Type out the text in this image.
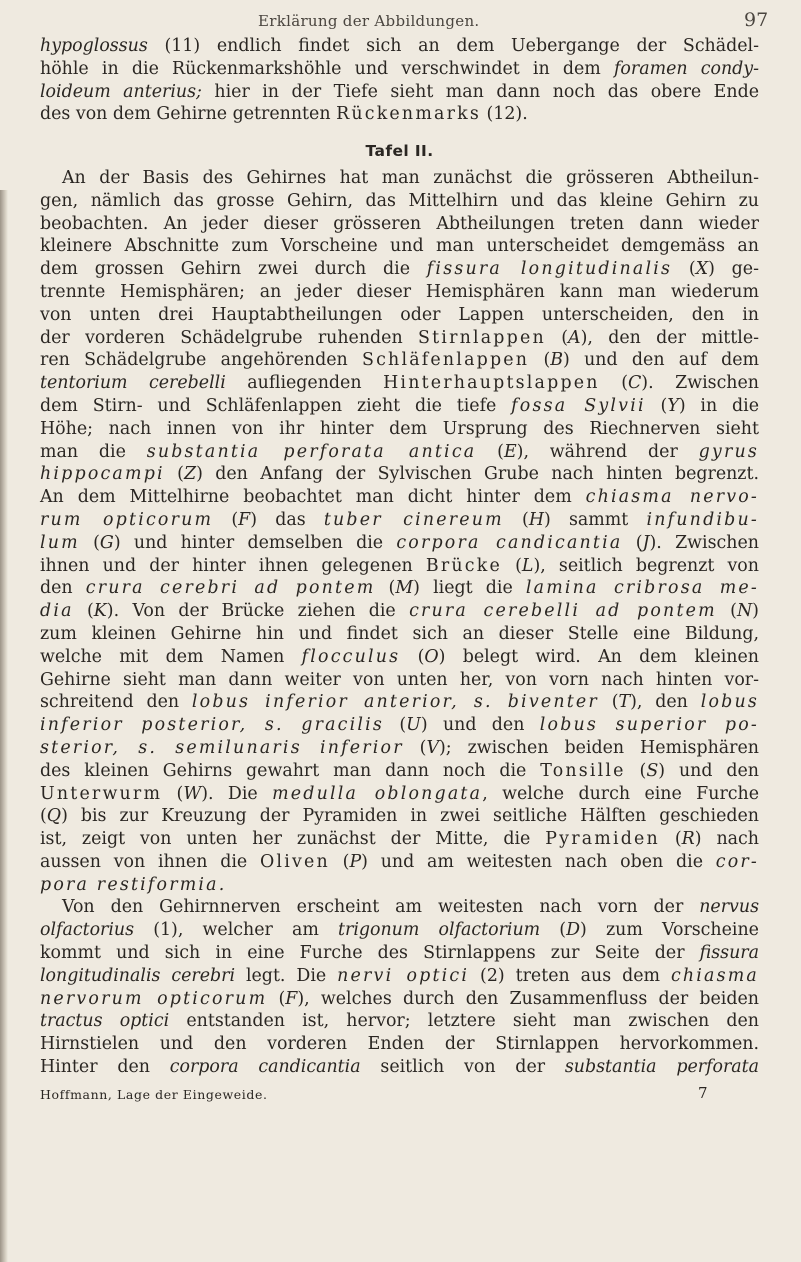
Erklärung der Abbildungen.	97
hypoglossus (11) endlich findet sich an dem Uebergange der Schädel-
höhle in die Rückenmarkshöhle und verschwindet in dem foramen condy-
loideum anterius; hier in der Tiefe sieht man dann noch das obere Ende
des von dem Gehirne getrennten Rückenmarks (12).
Tafel II.
An der Basis des Gehirnes hat man zunächst die grösseren Abtheilun-
gen, nämlich das grosse Gehirn, das Mittelhirn und das kleine Gehirn zu
beobachten. An jeder dieser grösseren Abtheilungen treten dann wieder
kleinere Abschnitte zum Vorscheine und man unterscheidet demgemäss an
dem grossen Gehirn zwei durch die fissura longitudinalis (X) ge-
trennte Hemisphären; an jeder dieser Hemisphären kann man wiederum
von unten drei Hauptabtheilungen oder Lappen unterscheiden, den in
der vorderen Schädelgrube ruhenden Stirnlappen (A), den der mittle-
ren Schädelgrube angehörenden Schläfenlappen (B) und den auf dem
tentorium cerebelli aufliegenden Hinterhauptslappen (C). Zwischen
dem Stirn- und Schläfenlappen zieht die tiefe fossa Sylvii (Y) in die
Höhe; nach innen von ihr hinter dem Ursprung des Riechnerven sieht
man die substantia perforata antica (E), während der gyrus
hippocampi (Z) den Anfang der Sylvischen Grube nach hinten begrenzt.
An dem Mittelhirne beobachtet man dicht hinter dem chiasma nervo-
rum opticorum (F) das tuber cinereum (H) sammt infundibu-
lum (G) und hinter demselben die corpora candicantia (J). Zwischen
ihnen und der hinter ihnen gelegenen Brücke (L), seitlich begrenzt von
den crura cerebri ad pontem (M) liegt die lamina cribrosa me-
dia (K). Von der Brücke ziehen die crura cerebelli ad pontem (N)
zum kleinen Gehirne hin und findet sich an dieser Stelle eine Bildung,
welche mit dem Namen flocculus (O) belegt wird. An dem kleinen
Gehirne sieht man dann weiter von unten her, von vorn nach hinten vor-
schreitend den lobus inferior anterior, s. biventer (T), den lobus
inferior posterior, s. gracilis (U) und den lobus superior po-
sterior, s. semilunaris inferior (V); zwischen beiden Hemisphären
des kleinen Gehirns gewahrt man dann noch die Tonsille (S) und den
Unterwurm (W). Die medulla oblongata, welche durch eine Furche
(Q) bis zur Kreuzung der Pyramiden in zwei seitliche Hälften geschieden
ist, zeigt von unten her zunächst der Mitte, die Pyramiden (R) nach
aussen von ihnen die Oliven (P) und am weitesten nach oben die cor-
pora restiformia.
Von den Gehirnnerven erscheint am weitesten nach vorn der nervus
olfactorius (1), welcher am trigonum olfactorium (D) zum Vorscheine
kommt und sich in eine Furche des Stirnlappens zur Seite der fissura
longitudinalis cerebri legt. Die nervi optici (2) treten aus dem chiasma
nervorum opticorum (F), welches durch den Zusammenfluss der beiden
tractus optici entstanden ist, hervor; letztere sieht man zwischen den
Hirnstielen und den vorderen Enden der Stirnlappen hervorkommen.
Hinter den corpora candicantia seitlich von der substantia perforata
Hoffmann, Lage der Eingeweide.	7
